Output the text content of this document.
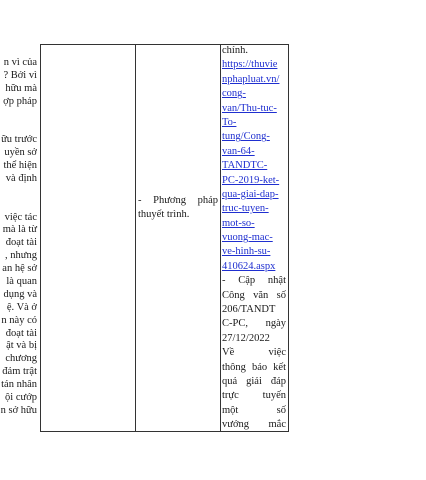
n vì của
? Bởi vì
hữu mà
ợp pháp
ữu trước
uyền sở
thể hiện
và định
việc tác
mà là từ
đoạt tài
, nhưng
an hệ sở
là quan
dụng và
ệ. Và ở
n này có
đoạt tài
ật và bị
chương
đảm trật
tán nhân
ội cướp
n sở hữu
- Phương pháp thuyết trình.
chính.
https://thuvie
nphapluat.vn/
cong-
van/Thu-tuc-
To-
tung/Cong-
van-64-
TANDTC-
PC-2019-ket-
qua-giai-dap-
truc-tuyen-
mot-so-
vuong-mac-
ve-hinh-su-
410624.aspx
- Cập nhật
Công văn số
206/TANDT
C-PC, ngày
27/12/2022
Về	việc
thông báo kết
quả giải đáp
trực tuyến
một	số
vướng mắc
